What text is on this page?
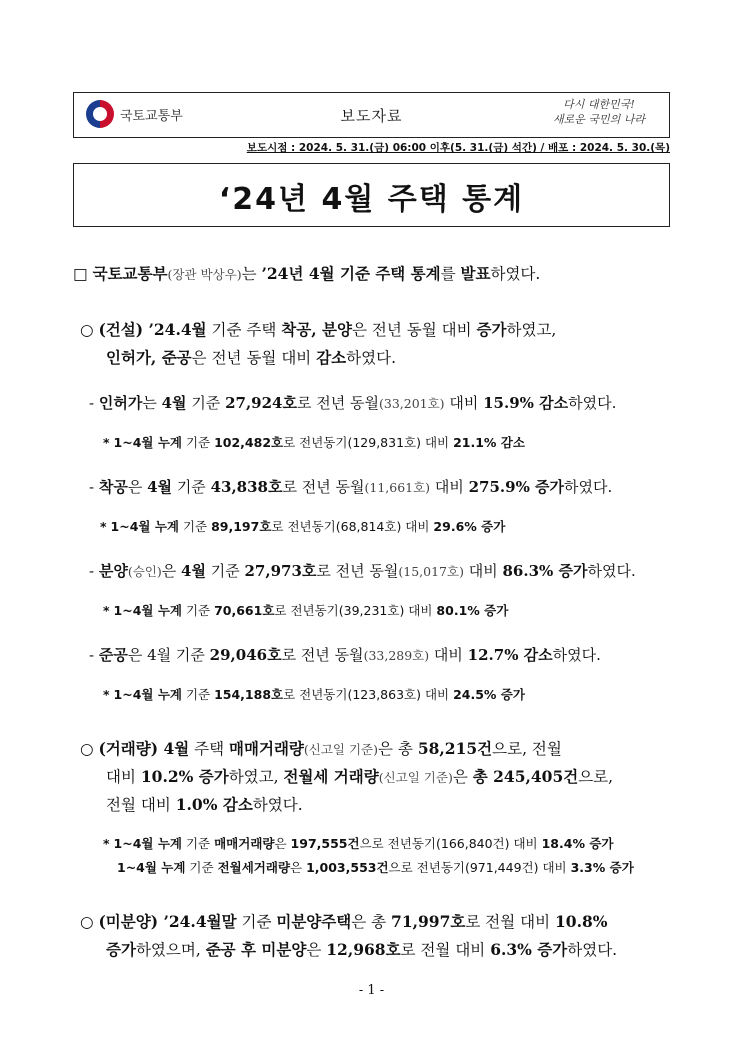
국토교통부	보도자료
다시 대한민국!
새로운 국민의 나라
보도시점 : 2024. 5. 31.(금) 06:00 이후(5. 31.(금) 석간) / 배포 : 2024. 5. 30.(목)
‘24년 4월 주택 통계
□ 국토교통부(장관 박상우)는 ’24년 4월 기준 주택 통계를 발표하였다.
○ (건설) ’24.4월 기준 주택 착공, 분양은 전년 동월 대비 증가하였고,
인허가, 준공은 전년 동월 대비 감소하였다.
- 인허가는 4월 기준 27,924호로 전년 동월(33,201호) 대비 15.9% 감소하였다.
* 1~4월 누계 기준 102,482호로 전년동기(129,831호) 대비 21.1% 감소
- 착공은 4월 기준 43,838호로 전년 동월(11,661호) 대비 275.9% 증가하였다.
* 1~4월 누계 기준 89,197호로 전년동기(68,814호) 대비 29.6% 증가
- 분양(승인)은 4월 기준 27,973호로 전년 동월(15,017호) 대비 86.3% 증가하였다.
* 1~4월 누계 기준 70,661호로 전년동기(39,231호) 대비 80.1% 증가
- 준공은 4월 기준 29,046호로 전년 동월(33,289호) 대비 12.7% 감소하였다.
* 1~4월 누계 기준 154,188호로 전년동기(123,863호) 대비 24.5% 증가
○ (거래량) 4월 주택 매매거래량(신고일 기준)은 총 58,215건으로, 전월
대비 10.2% 증가하였고, 전월세 거래량(신고일 기준)은 총 245,405건으로,
전월 대비 1.0% 감소하였다.
* 1~4월 누계 기준 매매거래량은 197,555건으로 전년동기(166,840건) 대비 18.4% 증가
1~4월 누계 기준 전월세거래량은 1,003,553건으로 전년동기(971,449건) 대비 3.3% 증가
○ (미분양) ’24.4월말 기준 미분양주택은 총 71,997호로 전월 대비 10.8%
증가하였으며, 준공 후 미분양은 12,968호로 전월 대비 6.3% 증가하였다.
- 1 -
